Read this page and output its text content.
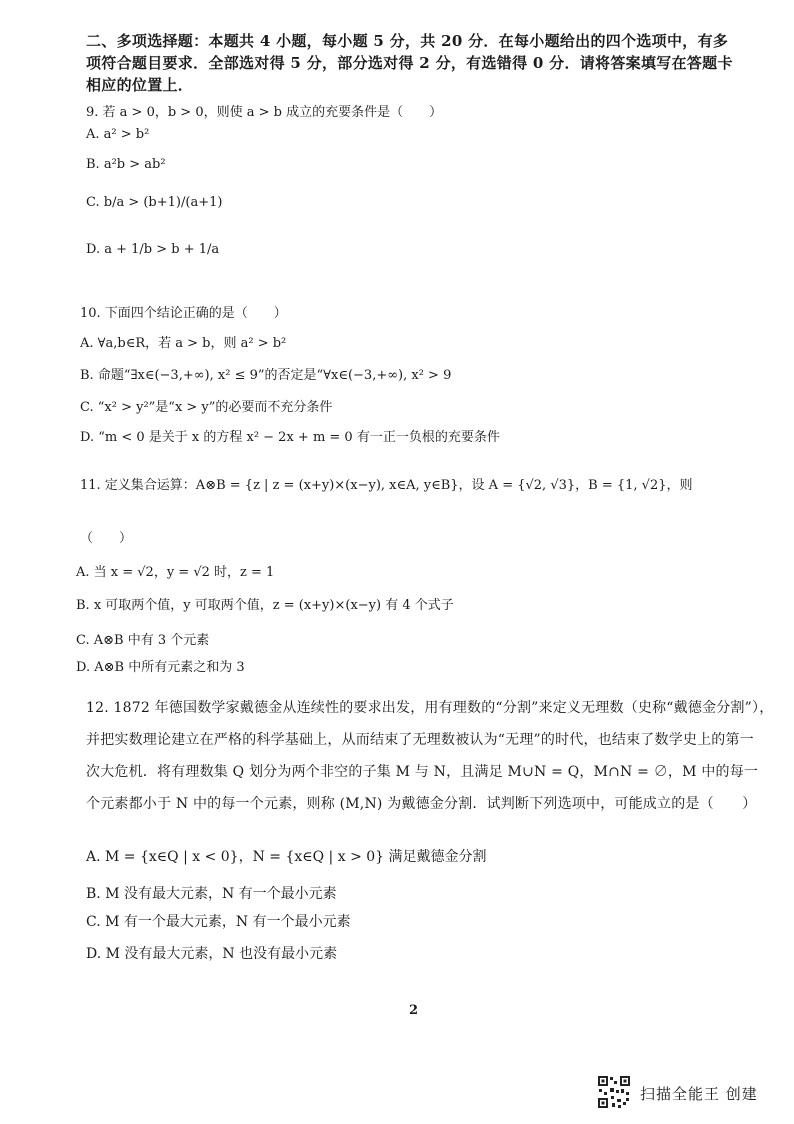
二、多项选择题：本题共 4 小题，每小题 5 分，共 20 分．在每小题给出的四个选项中，有多
项符合题目要求．全部选对得 5 分，部分选对得 2 分，有选错得 0 分．请将答案填写在答题卡
相应的位置上．
9. 若 a > 0，b > 0，则使 a > b 成立的充要条件是（　　）
A. a² > b²
B. a²b > ab²
C. b/a > (b+1)/(a+1)
D. a + 1/b > b + 1/a
10. 下面四个结论正确的是（　　）
A. ∀a,b∈R，若 a > b，则 a² > b²
B. 命题“∃x∈(−3,+∞), x² ≤ 9”的否定是“∀x∈(−3,+∞), x² > 9
C. “x² > y²”是“x > y”的必要而不充分条件
D. “m < 0 是关于 x 的方程 x² − 2x + m = 0 有一正一负根的充要条件
11. 定义集合运算：A⊗B = {z | z = (x+y)×(x−y), x∈A, y∈B}，设 A = {√2, √3}，B = {1, √2}，则
（　　）
A. 当 x = √2，y = √2 时，z = 1
B. x 可取两个值，y 可取两个值，z = (x+y)×(x−y) 有 4 个式子
C. A⊗B 中有 3 个元素
D. A⊗B 中所有元素之和为 3
12. 1872 年德国数学家戴德金从连续性的要求出发，用有理数的“分割”来定义无理数（史称“戴德金分割”），
并把实数理论建立在严格的科学基础上，从而结束了无理数被认为“无理”的时代，也结束了数学史上的第一
次大危机．将有理数集 Q 划分为两个非空的子集 M 与 N，且满足 M∪N = Q，M∩N = ∅，M 中的每一
个元素都小于 N 中的每一个元素，则称 (M,N) 为戴德金分割．试判断下列选项中，可能成立的是（　　）
A. M = {x∈Q | x < 0}，N = {x∈Q | x > 0} 满足戴德金分割
B. M 没有最大元素，N 有一个最小元素
C. M 有一个最大元素，N 有一个最小元素
D. M 没有最大元素，N 也没有最小元素
2
扫描全能王 创建
